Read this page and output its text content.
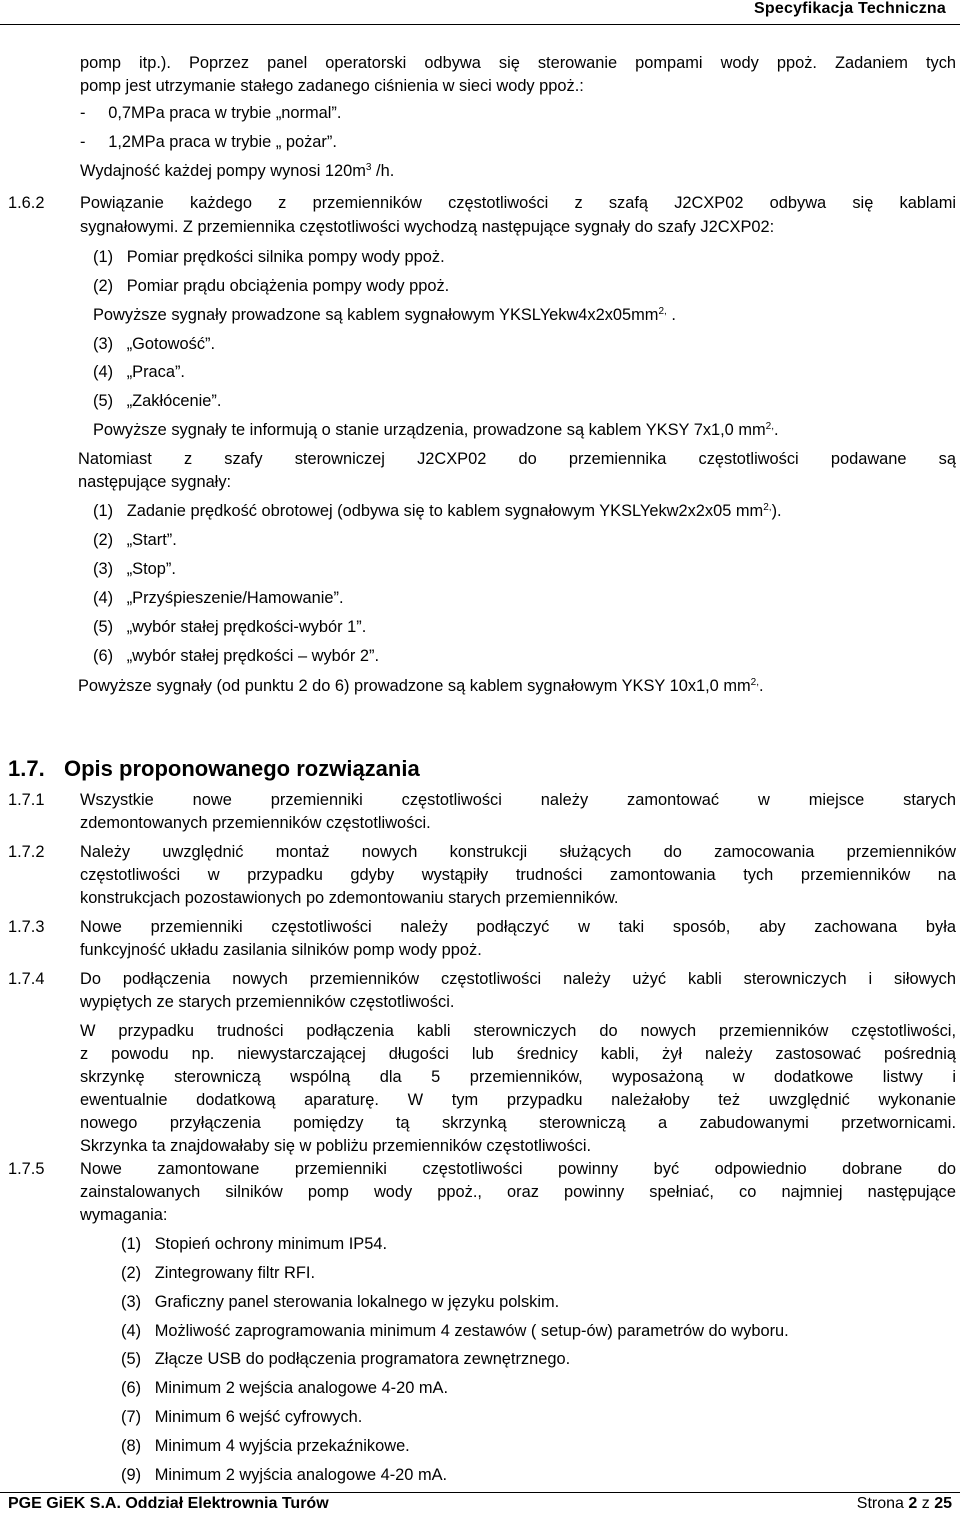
Specyfikacja Techniczna
pomp itp.). Poprzez panel operatorski odbywa się sterowanie pompami wody ppoż. Zadaniem tych
pomp jest utrzymanie stałego zadanego ciśnienia w sieci wody ppoż.:
-     0,7MPa praca w trybie „normal”.
-     1,2MPa praca w trybie „ pożar”.
Wydajność każdej pompy wynosi $120m^3$ /h.
1.6.2 Powiązanie każdego z przemienników częstotliwości z szafą J2CXP02 odbywa się kablami
sygnałowymi. Z przemiennika częstotliwości wychodzą następujące sygnały do szafy J2CXP02:
(1)   Pomiar prędkości silnika pompy wody ppoż.
(2)   Pomiar prądu obciążenia pompy wody ppoż.
Powyższe sygnały prowadzone są kablem sygnałowym $YKSLYekw4x2x05mm^{2,}$ .
(3)   „Gotowość”.
(4)   „Praca”.
(5)   „Zakłócenie”.
Powyższe sygnały te informują o stanie urządzenia, prowadzone są kablem YKSY 7x1,0 $mm^{2,}$.
Natomiast z szafy sterowniczej J2CXP02 do przemiennika częstotliwości podawane są
następujące sygnały:
(1)   Zadanie prędkość obrotowej (odbywa się to kablem sygnałowym YKSLYekw2x2x05 $mm^{2,}$).
(2)   „Start”.
(3)   „Stop”.
(4)   „Przyśpieszenie/Hamowanie”.
(5)   „wybór stałej prędkości-wybór 1”.
(6)   „wybór stałej prędkości – wybór 2”.
Powyższe sygnały (od punktu 2 do 6) prowadzone są kablem sygnałowym YKSY 10x1,0 $mm^{2,}$.
1.7. Opis proponowanego rozwiązania
1.7.1 Wszystkie nowe przemienniki częstotliwości należy zamontować w miejsce starych
zdemontowanych przemienników częstotliwości.
1.7.2 Należy uwzględnić montaż nowych konstrukcji służących do zamocowania przemienników
częstotliwości w przypadku gdyby wystąpiły trudności zamontowania tych przemienników na
konstrukcjach pozostawionych po zdemontowaniu starych przemienników.
1.7.3 Nowe przemienniki częstotliwości należy podłączyć w taki sposób, aby zachowana była
funkcyjność układu zasilania silników pomp wody ppoż.
1.7.4 Do podłączenia nowych przemienników częstotliwości należy użyć kabli sterowniczych i siłowych
wypiętych ze starych przemienników częstotliwości.
W przypadku trudności podłączenia kabli sterowniczych do nowych przemienników częstotliwości,
z powodu np. niewystarczającej długości lub średnicy kabli, żył należy zastosować pośrednią
skrzynkę sterowniczą wspólną dla 5 przemienników, wyposażoną w dodatkowe listwy i
ewentualnie dodatkową aparaturę. W tym przypadku należałoby też uwzględnić wykonanie
nowego przyłączenia pomiędzy tą skrzynką sterowniczą a zabudowanymi przetwornicami.
Skrzynka ta znajdowałaby się w pobliżu przemienników częstotliwości.
1.7.5 Nowe zamontowane przemienniki częstotliwości powinny być odpowiednio dobrane do
zainstalowanych silników pomp wody ppoż., oraz powinny spełniać, co najmniej następujące
wymagania:
(1)   Stopień ochrony minimum IP54.
(2)   Zintegrowany filtr RFI.
(3)   Graficzny panel sterowania lokalnego w języku polskim.
(4)   Możliwość zaprogramowania minimum 4 zestawów ( setup-ów) parametrów do wyboru.
(5)   Złącze USB do podłączenia programatora zewnętrznego.
(6)   Minimum 2 wejścia analogowe 4-20 mA.
(7)   Minimum 6 wejść cyfrowych.
(8)   Minimum 4 wyjścia przekaźnikowe.
(9)   Minimum 2 wyjścia analogowe 4-20 mA.
PGE GiEK S.A. Oddział Elektrownia Turów	Strona 2 z 25
